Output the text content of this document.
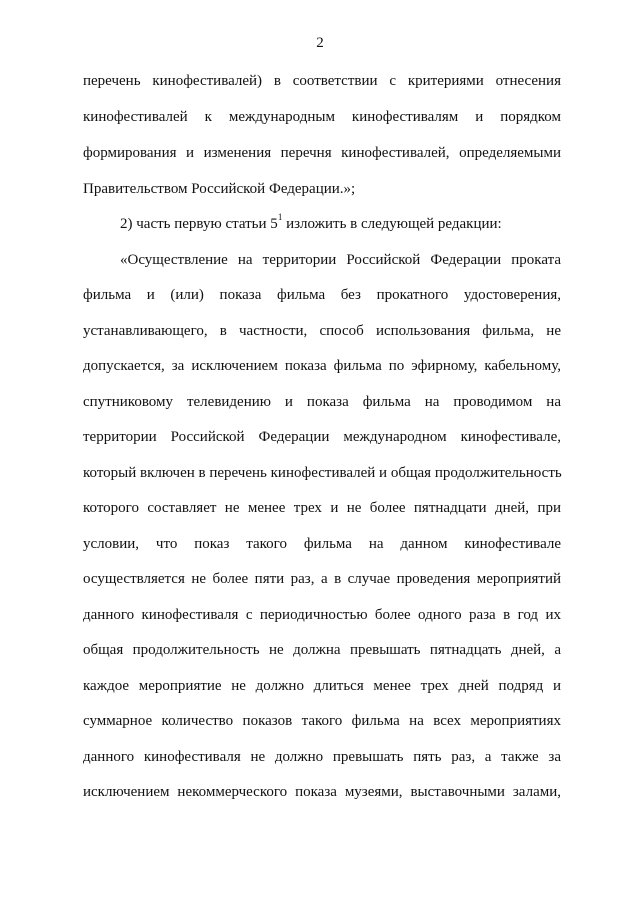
2
перечень кинофестивалей) в соответствии с критериями отнесения
кинофестивалей к международным кинофестивалям и порядком
формирования и изменения перечня кинофестивалей, определяемыми
Правительством Российской Федерации.»;
2) часть первую статьи $5^1$ изложить в следующей редакции:
«Осуществление на территории Российской Федерации проката
фильма и (или) показа фильма без прокатного удостоверения,
устанавливающего, в частности, способ использования фильма, не
допускается, за исключением показа фильма по эфирному, кабельному,
спутниковому телевидению и показа фильма на проводимом на
территории Российской Федерации международном кинофестивале,
который включен в перечень кинофестивалей и общая продолжительность
которого составляет не менее трех и не более пятнадцати дней, при
условии, что показ такого фильма на данном кинофестивале
осуществляется не более пяти раз, а в случае проведения мероприятий
данного кинофестиваля с периодичностью более одного раза в год их
общая продолжительность не должна превышать пятнадцать дней, а
каждое мероприятие не должно длиться менее трех дней подряд и
суммарное количество показов такого фильма на всех мероприятиях
данного кинофестиваля не должно превышать пять раз, а также за
исключением некоммерческого показа музеями, выставочными залами,
